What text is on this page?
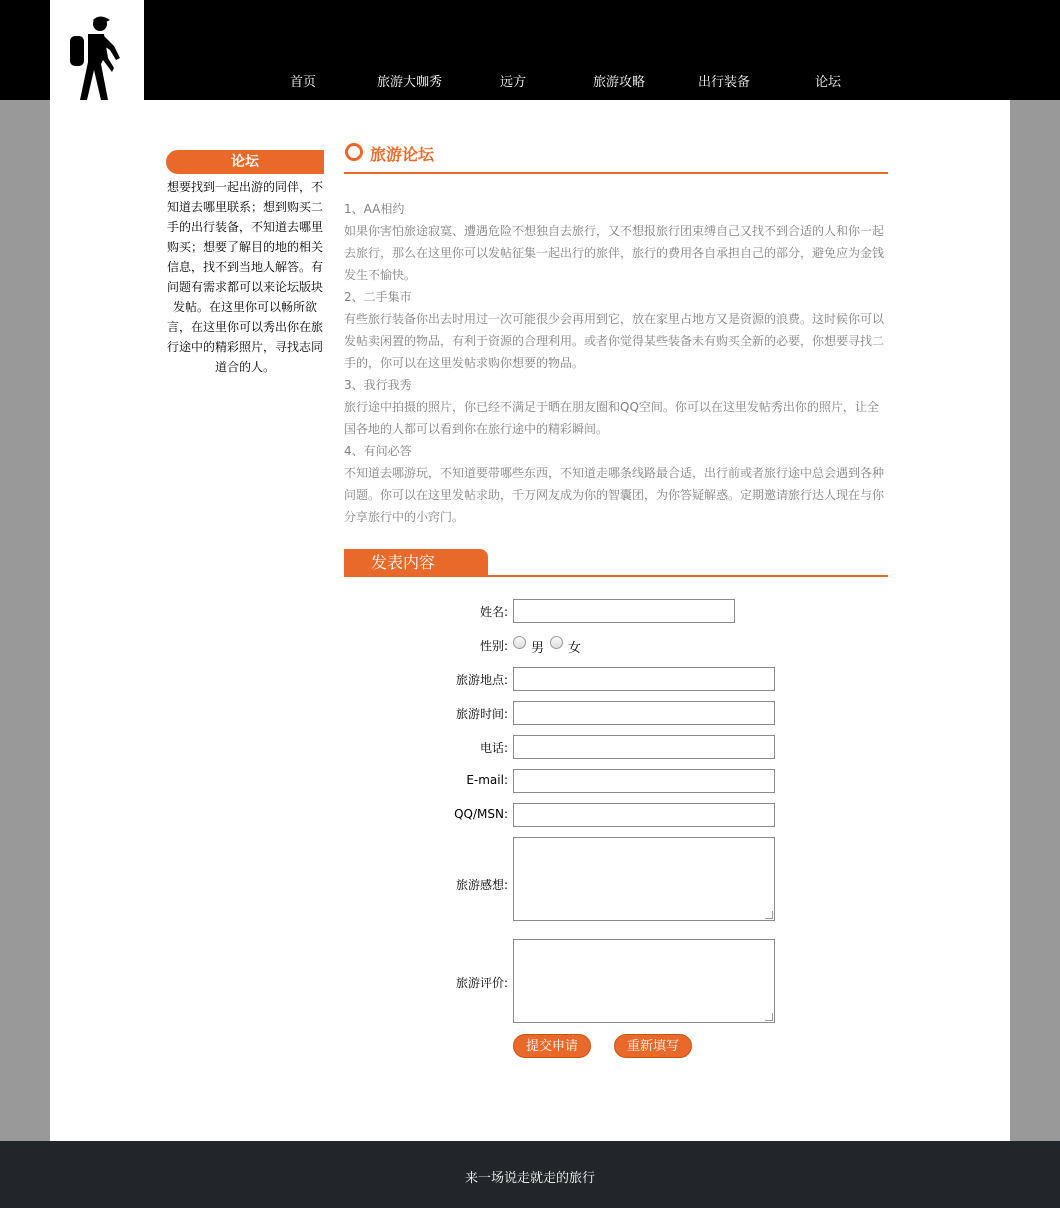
首页	旅游大咖秀	远方	旅游攻略	出行装备	论坛
论坛

想要找到一起出游的同伴，不知道去哪里联系；想到购买二手的出行装备，不知道去哪里购买；想要了解目的地的相关信息，找不到当地人解答。有问题有需求都可以来论坛版块发帖。在这里你可以畅所欲言，在这里你可以秀出你在旅行途中的精彩照片，寻找志同道合的人。

旅游论坛

1、AA相约

如果你害怕旅途寂寞、遭遇危险不想独自去旅行，又不想报旅行团束缚自己又找不到合适的人和你一起去旅行，那么在这里你可以发帖征集一起出行的旅伴，旅行的费用各自承担自己的部分，避免应为金钱发生不愉快。

2、二手集市

有些旅行装备你出去时用过一次可能很少会再用到它，放在家里占地方又是资源的浪费。这时候你可以发帖卖闲置的物品，有利于资源的合理利用。或者你觉得某些装备未有购买全新的必要，你想要寻找二手的，你可以在这里发帖求购你想要的物品。

3、我行我秀

旅行途中拍摄的照片，你已经不满足于晒在朋友圈和QQ空间。你可以在这里发帖秀出你的照片，让全国各地的人都可以看到你在旅行途中的精彩瞬间。

4、有问必答

不知道去哪游玩，不知道要带哪些东西，不知道走哪条线路最合适，出行前或者旅行途中总会遇到各种问题。你可以在这里发帖求助，千万网友成为你的智囊团，为你答疑解惑。定期邀请旅行达人现在与你分享旅行中的小窍门。

发表内容
姓名:
性别: 男 女
旅游地点:
旅游时间:
电话:
E-mail:
QQ/MSN:
旅游感想:
旅游评价:
提交申请	重新填写
来一场说走就走的旅行
